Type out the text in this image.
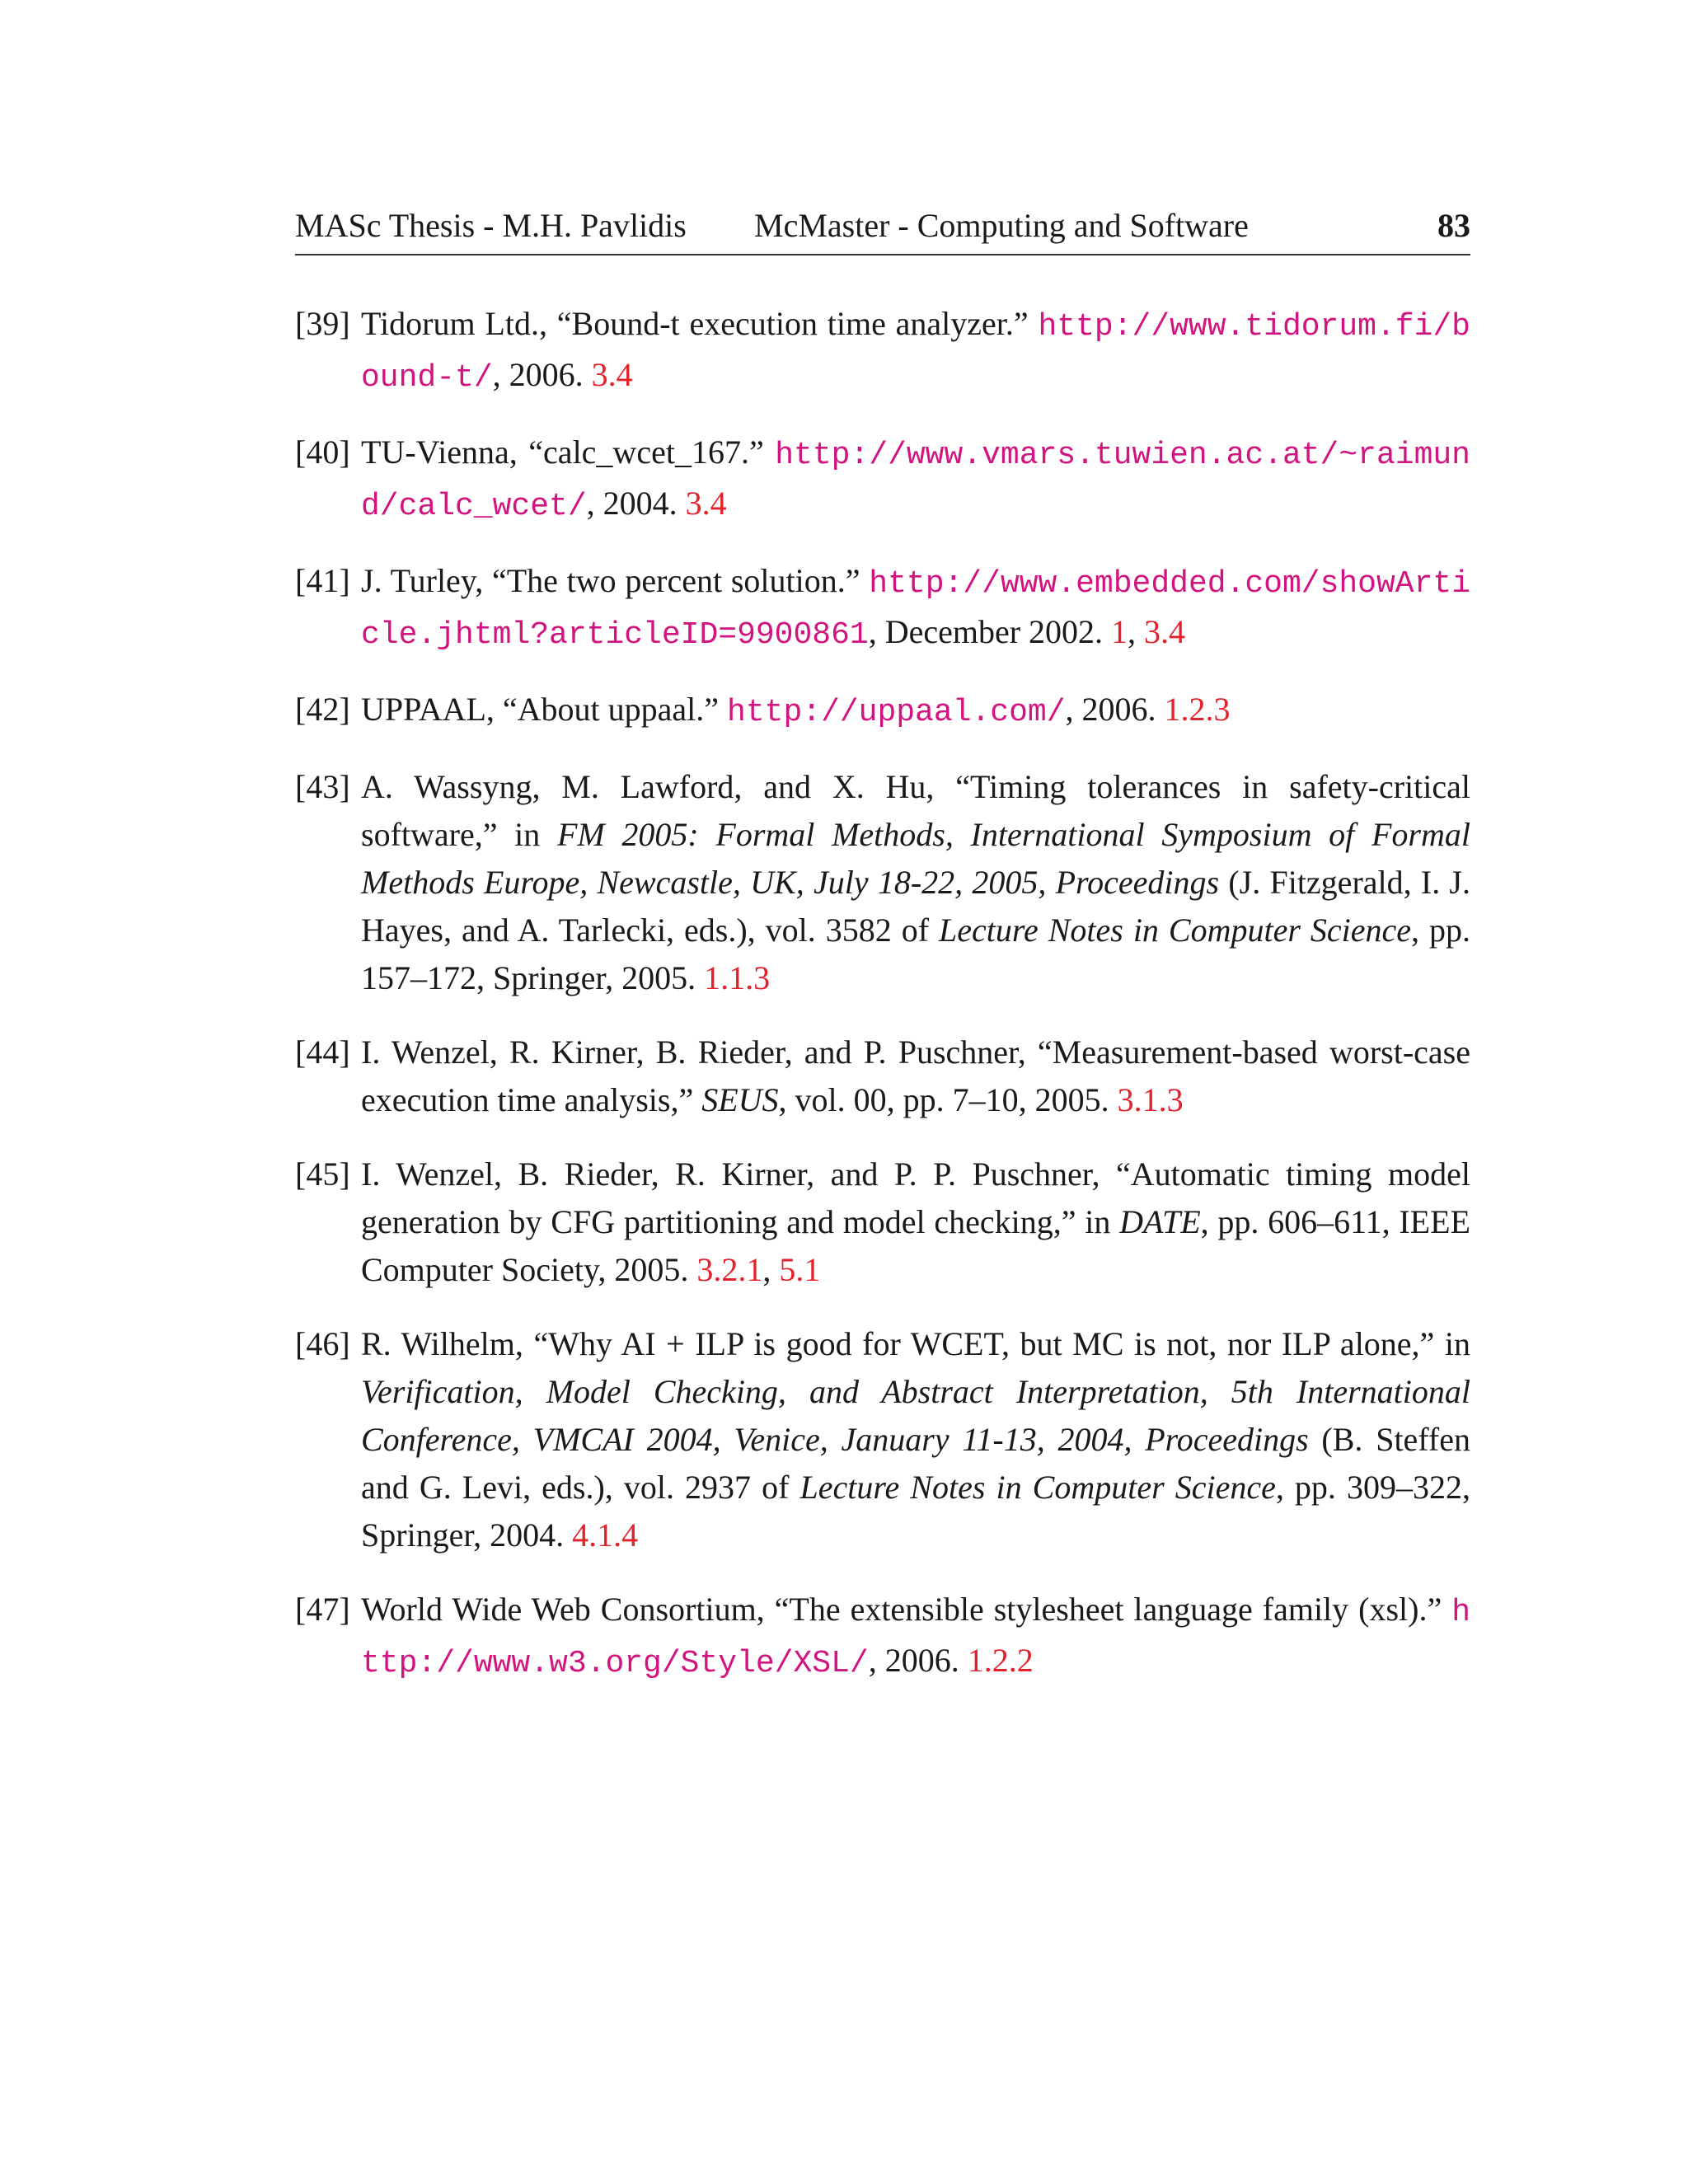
MASc Thesis - M.H. Pavlidis McMaster - Computing and Software	83
[39] Tidorum Ltd., “Bound-t execution time analyzer.” http://www.tidorum.fi/bound-t/, 2006. 3.4
[40] TU-Vienna, “calc_wcet_167.” http://www.vmars.tuwien.ac.at/~raimund/calc_wcet/, 2004. 3.4
[41] J. Turley, “The two percent solution.” http://www.embedded.com/showArticle.jhtml?articleID=9900861, December 2002. 1, 3.4
[42] UPPAAL, “About uppaal.” http://uppaal.com/, 2006. 1.2.3
[43] A. Wassyng, M. Lawford, and X. Hu, “Timing tolerances in safety-critical software,” in FM 2005: Formal Methods, International Symposium of Formal Methods Europe, Newcastle, UK, July 18-22, 2005, Proceedings (J. Fitzgerald, I. J. Hayes, and A. Tarlecki, eds.), vol. 3582 of Lecture Notes in Computer Science, pp. 157–172, Springer, 2005. 1.1.3
[44] I. Wenzel, R. Kirner, B. Rieder, and P. Puschner, “Measurement-based worst-case execution time analysis,” SEUS, vol. 00, pp. 7–10, 2005. 3.1.3
[45] I. Wenzel, B. Rieder, R. Kirner, and P. P. Puschner, “Automatic timing model generation by CFG partitioning and model checking,” in DATE, pp. 606–611, IEEE Computer Society, 2005. 3.2.1, 5.1
[46] R. Wilhelm, “Why AI + ILP is good for WCET, but MC is not, nor ILP alone,” in Verification, Model Checking, and Abstract Interpretation, 5th International Conference, VMCAI 2004, Venice, January 11-13, 2004, Proceedings (B. Steffen and G. Levi, eds.), vol. 2937 of Lecture Notes in Computer Science, pp. 309–322, Springer, 2004. 4.1.4
[47] World Wide Web Consortium, “The extensible stylesheet language family (xsl).” http://www.w3.org/Style/XSL/, 2006. 1.2.2
